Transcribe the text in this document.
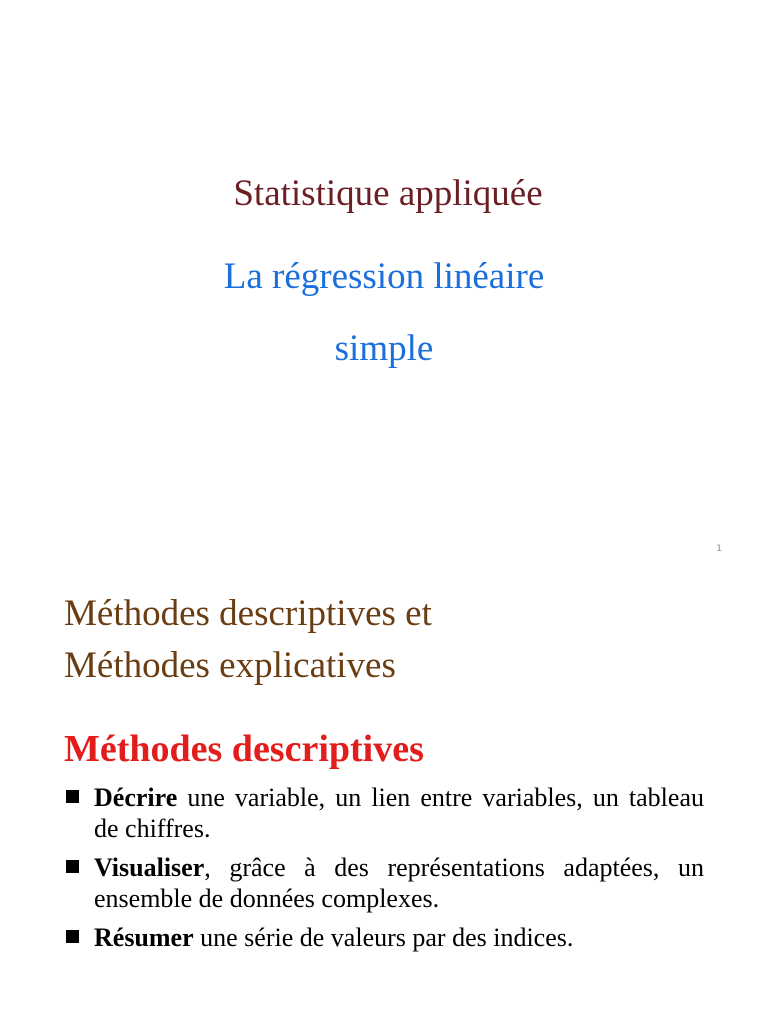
Statistique appliquée
La régression linéaire
simple
1
Méthodes descriptives et
Méthodes explicatives
Méthodes descriptives
Décrire une variable, un lien entre variables, un tableau de chiffres.
Visualiser, grâce à des représentations adaptées, un ensemble de données complexes.
Résumer une série de valeurs par des indices.
